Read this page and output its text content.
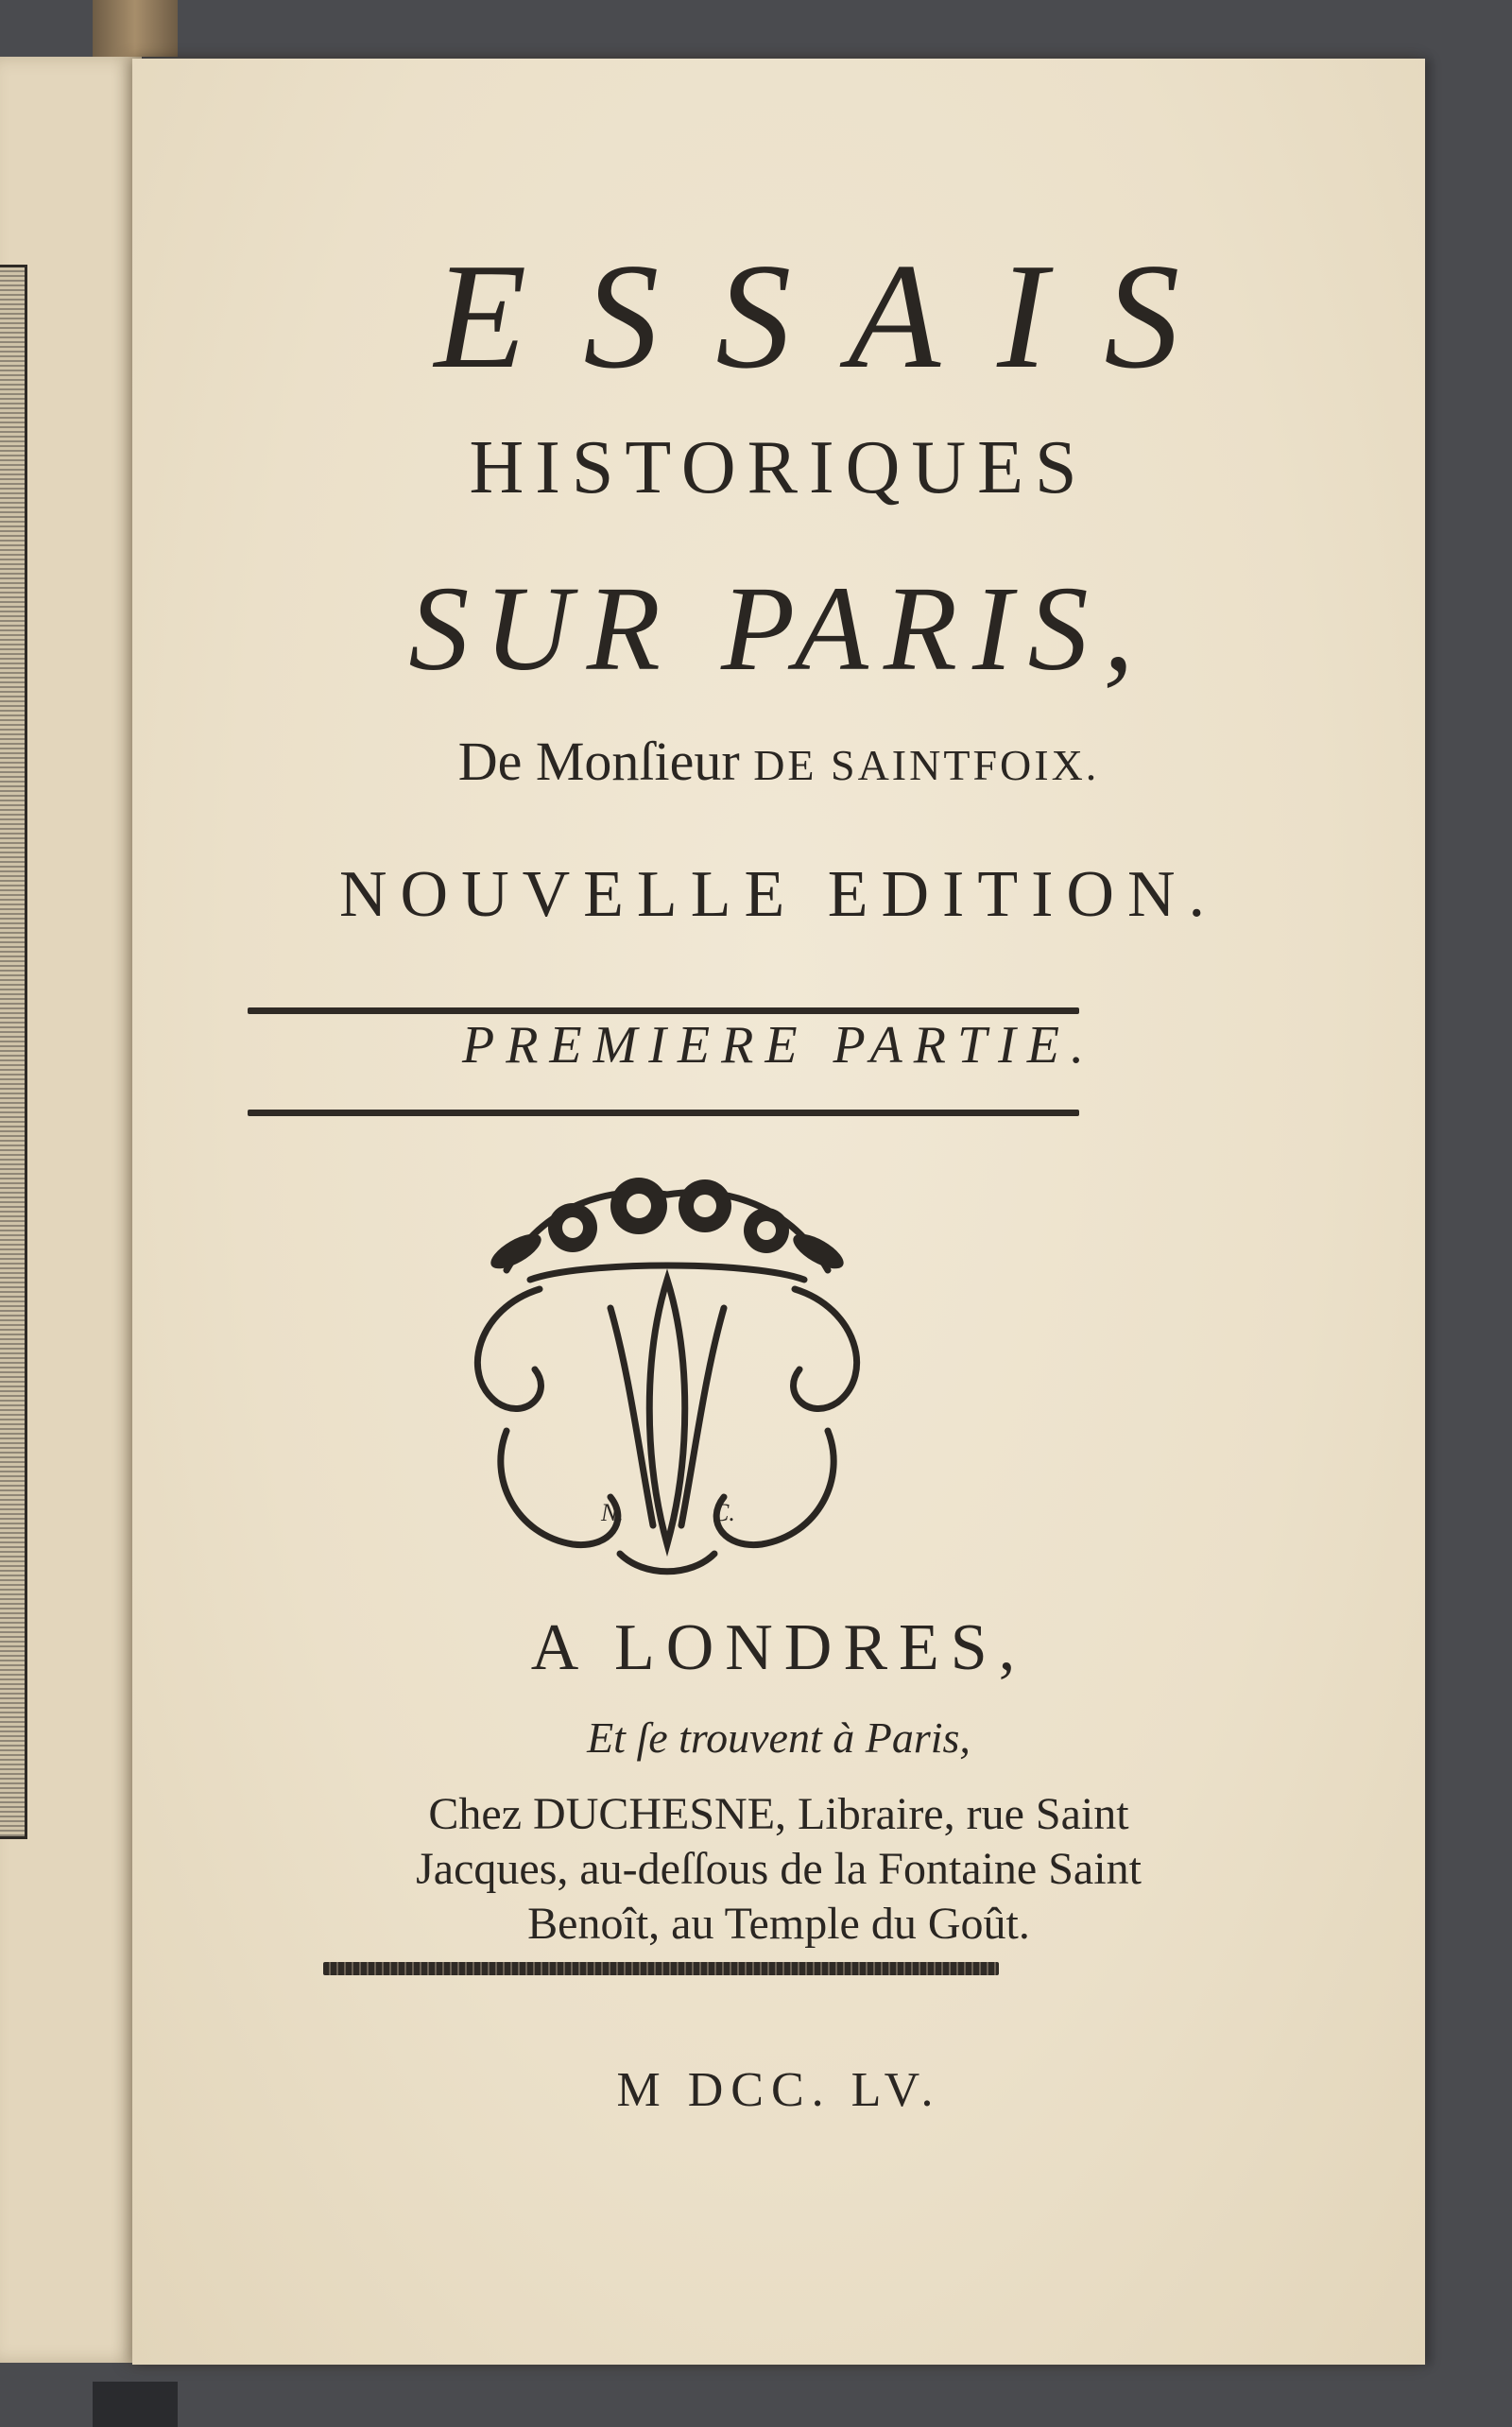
ESSAIS

HISTORIQUES

SUR PARIS,

De Monſieur DE SAINTFOIX.

NOUVELLE EDITION.

PREMIERE PARTIE.

N.	C.

A LONDRES,

Et ſe trouvent à Paris,

Chez DUCHESNE, Libraire, rue Saint

Jacques, au-deſſous de la Fontaine Saint

Benoît, au Temple du Goût.

M DCC. LV.
